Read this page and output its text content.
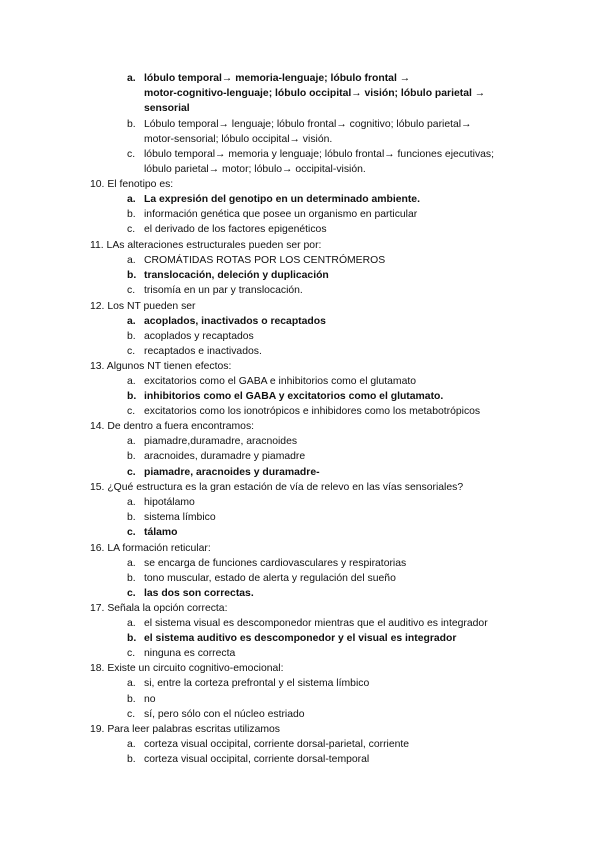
a. lóbulo temporal→ memoria-lenguaje; lóbulo frontal →
motor-cognitivo-lenguaje; lóbulo occipital→ visión; lóbulo parietal →
sensorial
b. Lóbulo temporal→ lenguaje; lóbulo frontal→ cognitivo; lóbulo parietal→
motor-sensorial; lóbulo occipital→ visión.
c. lóbulo temporal→ memoria y lenguaje; lóbulo frontal→ funciones ejecutivas;
lóbulo parietal→ motor; lóbulo→ occipital-visión.
10. El fenotipo es:
a. La expresión del genotipo en un determinado ambiente.
b. información genética que posee un organismo en particular
c. el derivado de los factores epigenéticos
11. LAs alteraciones estructurales pueden ser por:
a. CROMÁTIDAS ROTAS POR LOS CENTRÓMEROS
b. translocación, deleción y duplicación
c. trisomía en un par y translocación.
12. Los NT pueden ser
a. acoplados, inactivados o recaptados
b. acoplados y recaptados
c. recaptados e inactivados.
13. Algunos NT tienen efectos:
a. excitatorios como el GABA e inhibitorios como el glutamato
b. inhibitorios como el GABA y excitatorios como el glutamato.
c. excitatorios como los ionotrópicos e inhibidores como los metabotrópicos
14. De dentro a fuera encontramos:
a. piamadre,duramadre, aracnoides
b. aracnoides, duramadre y piamadre
c. piamadre, aracnoides y duramadre-
15. ¿Qué estructura es la gran estación de vía de relevo en las vías sensoriales?
a. hipotálamo
b. sistema límbico
c. tálamo
16. LA formación reticular:
a. se encarga de funciones cardiovasculares y respiratorias
b. tono muscular, estado de alerta y regulación del sueño
c. las dos son correctas.
17. Señala la opción correcta:
a. el sistema visual es descomponedor mientras que el auditivo es integrador
b. el sistema auditivo es descomponedor y el visual es integrador
c. ninguna es correcta
18. Existe un circuito cognitivo-emocional:
a. si, entre la corteza prefrontal y el sistema límbico
b. no
c. sí, pero sólo con el núcleo estriado
19. Para leer palabras escritas utilizamos
a. corteza visual occipital, corriente dorsal-parietal, corriente
b. corteza visual occipital, corriente dorsal-temporal
